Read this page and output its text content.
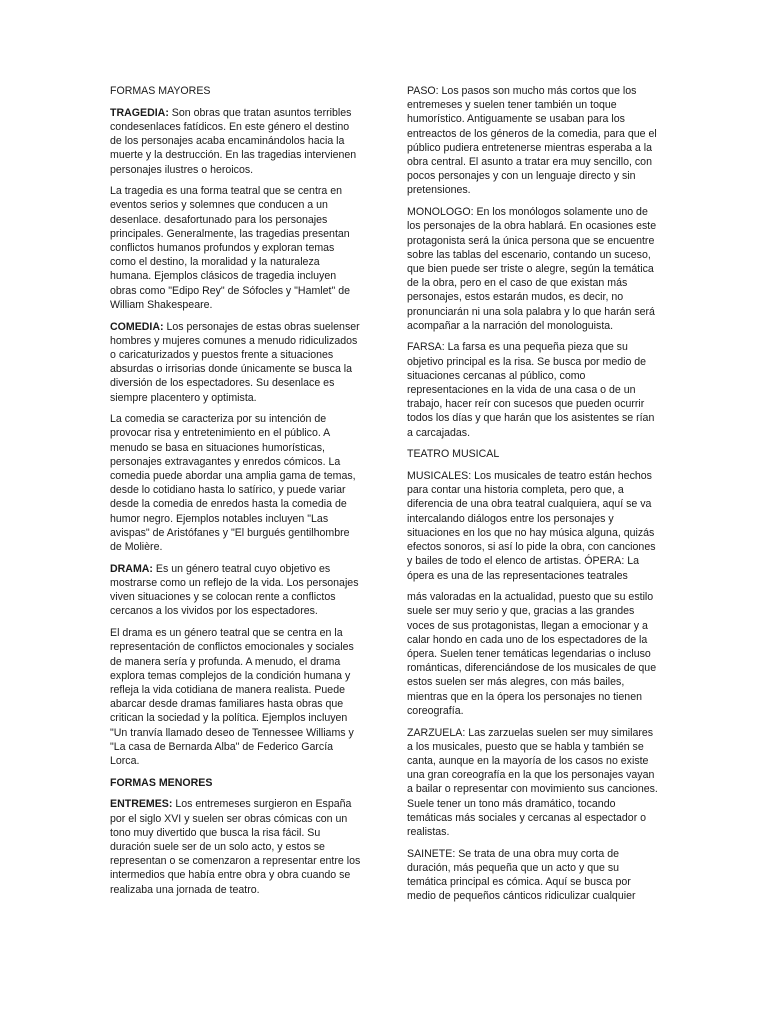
FORMAS MAYORES

TRAGEDIA: Son obras que tratan asuntos terribles condesenlaces fatídicos. En este género el destino de los personajes acaba encaminándolos hacia la muerte y la destrucción. En las tragedias intervienen personajes ilustres o heroicos.

La tragedia es una forma teatral que se centra en eventos serios y solemnes que conducen a un desenlace. desafortunado para los personajes principales. Generalmente, las tragedias presentan conflictos humanos profundos y exploran temas como el destino, la moralidad y la naturaleza humana. Ejemplos clásicos de tragedia incluyen obras como "Edipo Rey" de Sófocles y "Hamlet" de William Shakespeare.

COMEDIA: Los personajes de estas obras suelenser hombres y mujeres comunes a menudo ridiculizados o caricaturizados y puestos frente a situaciones absurdas o irrisorias donde únicamente se busca la diversión de los espectadores. Su desenlace es siempre placentero y optimista.

La comedia se caracteriza por su intención de provocar risa y entretenimiento en el público. A menudo se basa en situaciones humorísticas, personajes extravagantes y enredos cómicos. La comedia puede abordar una amplia gama de temas, desde lo cotidiano hasta lo satírico, y puede variar desde la comedia de enredos hasta la comedia de humor negro. Ejemplos notables incluyen "Las avispas" de Aristófanes y "El burgués gentilhombre de Molière.

DRAMA: Es un género teatral cuyo objetivo es mostrarse como un reflejo de la vida. Los personajes viven situaciones y se colocan rente a conflictos cercanos a los vividos por los espectadores.

El drama es un género teatral que se centra en la representación de conflictos emocionales y sociales de manera sería y profunda. A menudo, el drama explora temas complejos de la condición humana y refleja la vida cotidiana de manera realista. Puede abarcar desde dramas familiares hasta obras que critican la sociedad y la política. Ejemplos incluyen "Un tranvía llamado deseo de Tennessee Williams y "La casa de Bernarda Alba" de Federico García Lorca.

FORMAS MENORES

ENTREMES: Los entremeses surgieron en España por el siglo XVI y suelen ser obras cómicas con un tono muy divertido que busca la risa fácil. Su duración suele ser de un solo acto, y estos se representan o se comenzaron a representar entre los intermedios que había entre obra y obra cuando se realizaba una jornada de teatro.

PASO: Los pasos son mucho más cortos que los entremeses y suelen tener también un toque humorístico. Antiguamente se usaban para los entreactos de los géneros de la comedia, para que el público pudiera entretenerse mientras esperaba a la obra central. El asunto a tratar era muy sencillo, con pocos personajes y con un lenguaje directo y sin pretensiones.

MONOLOGO: En los monólogos solamente uno de los personajes de la obra hablará. En ocasiones este protagonista será la única persona que se encuentre sobre las tablas del escenario, contando un suceso, que bien puede ser triste o alegre, según la temática de la obra, pero en el caso de que existan más personajes, estos estarán mudos, es decir, no pronunciarán ni una sola palabra y lo que harán será acompañar a la narración del monologuista.

FARSA: La farsa es una pequeña pieza que su objetivo principal es la risa. Se busca por medio de situaciones cercanas al público, como representaciones en la vida de una casa o de un trabajo, hacer reír con sucesos que pueden ocurrir todos los días y que harán que los asistentes se rían a carcajadas.

TEATRO MUSICAL

MUSICALES: Los musicales de teatro están hechos para contar una historia completa, pero que, a diferencia de una obra teatral cualquiera, aquí se va intercalando diálogos entre los personajes y situaciones en los que no hay música alguna, quizás efectos sonoros, si así lo pide la obra, con canciones y bailes de todo el elenco de artistas. ÓPERA: La ópera es una de las representaciones teatrales

más valoradas en la actualidad, puesto que su estilo suele ser muy serio y que, gracias a las grandes voces de sus protagonistas, llegan a emocionar y a calar hondo en cada uno de los espectadores de la ópera. Suelen tener temáticas legendarias o incluso románticas, diferenciándose de los musicales de que estos suelen ser más alegres, con más bailes, mientras que en la ópera los personajes no tienen coreografía.

ZARZUELA: Las zarzuelas suelen ser muy similares a los musicales, puesto que se habla y también se canta, aunque en la mayoría de los casos no existe una gran coreografía en la que los personajes vayan a bailar o representar con movimiento sus canciones. Suele tener un tono más dramático, tocando temáticas más sociales y cercanas al espectador o realistas.

SAINETE: Se trata de una obra muy corta de duración, más pequeña que un acto y que su temática principal es cómica. Aquí se busca por medio de pequeños cánticos ridiculizar cualquier
